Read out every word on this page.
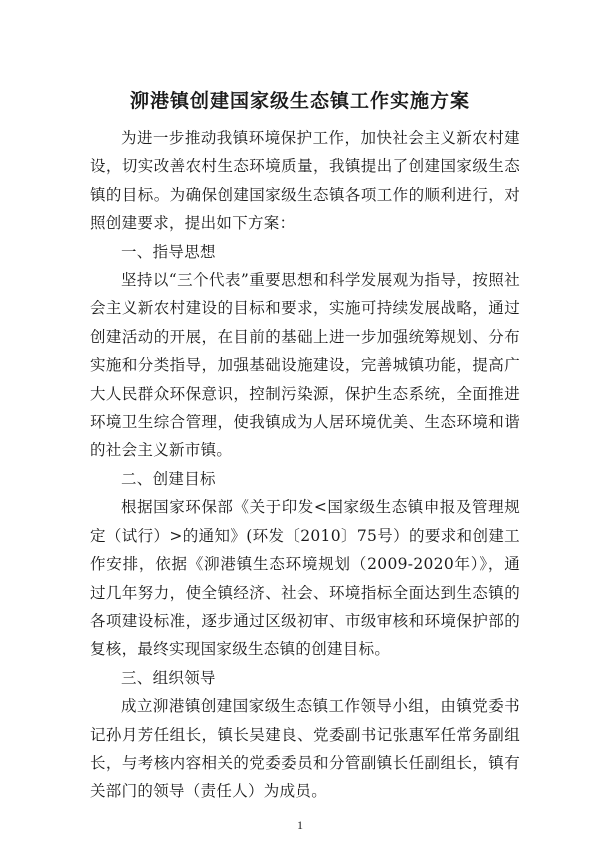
泖港镇创建国家级生态镇工作实施方案

为进一步推动我镇环境保护工作，加快社会主义新农村建设，切实改善农村生态环境质量，我镇提出了创建国家级生态镇的目标。为确保创建国家级生态镇各项工作的顺利进行，对照创建要求，提出如下方案：

一、指导思想

坚持以“三个代表”重要思想和科学发展观为指导，按照社会主义新农村建设的目标和要求，实施可持续发展战略，通过创建活动的开展，在目前的基础上进一步加强统筹规划、分布实施和分类指导，加强基础设施建设，完善城镇功能，提高广大人民群众环保意识，控制污染源，保护生态系统，全面推进环境卫生综合管理，使我镇成为人居环境优美、生态环境和谐的社会主义新市镇。

二、创建目标

根据国家环保部《关于印发<国家级生态镇申报及管理规定（试行）>的通知》(环发〔2010〕75号）的要求和创建工作安排，依据《泖港镇生态环境规划（2009-2020年）》，通过几年努力，使全镇经济、社会、环境指标全面达到生态镇的各项建设标准，逐步通过区级初审、市级审核和环境保护部的复核，最终实现国家级生态镇的创建目标。

三、组织领导

成立泖港镇创建国家级生态镇工作领导小组，由镇党委书记孙月芳任组长，镇长吴建良、党委副书记张惠军任常务副组长，与考核内容相关的党委委员和分管副镇长任副组长，镇有关部门的领导（责任人）为成员。

1
